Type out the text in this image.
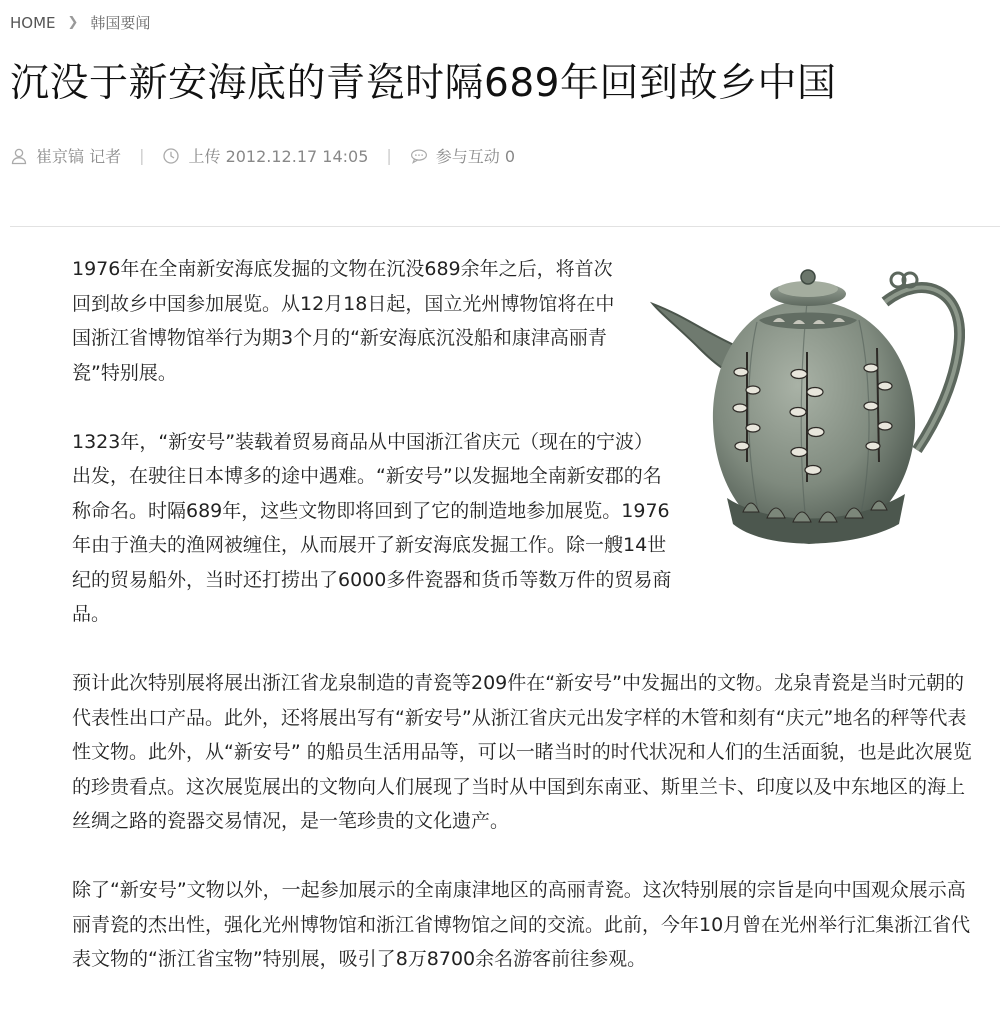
HOME ❯ 韩国要闻
沉没于新安海底的青瓷时隔689年回到故乡中国
崔京镐 记者 |	上传 2012.12.17 14:05 |	参与互动 0

1976年在全南新安海底发掘的文物在沉没689余年之后，将首次回到故乡中国参加展览。从12月18日起，国立光州博物馆将在中国浙江省博物馆举行为期3个月的“新安海底沉没船和康津高丽青瓷”特别展。

1323年，“新安号”装载着贸易商品从中国浙江省庆元（现在的宁波）出发，在驶往日本博多的途中遇难。“新安号”以发掘地全南新安郡的名称命名。时隔689年，这些文物即将回到了它的制造地参加展览。1976年由于渔夫的渔网被缠住，从而展开了新安海底发掘工作。除一艘14世纪的贸易船外，当时还打捞出了6000多件瓷器和货币等数万件的贸易商品。

预计此次特别展将展出浙江省龙泉制造的青瓷等209件在“新安号”中发掘出的文物。龙泉青瓷是当时元朝的代表性出口产品。此外，还将展出写有“新安号”从浙江省庆元出发字样的木管和刻有“庆元”地名的秤等代表性文物。此外，从“新安号” 的船员生活用品等，可以一睹当时的时代状况和人们的生活面貌，也是此次展览的珍贵看点。这次展览展出的文物向人们展现了当时从中国到东南亚、斯里兰卡、印度以及中东地区的海上丝绸之路的瓷器交易情况，是一笔珍贵的文化遗产。

除了“新安号”文物以外，一起参加展示的全南康津地区的高丽青瓷。这次特别展的宗旨是向中国观众展示高丽青瓷的杰出性，强化光州博物馆和浙江省博物馆之间的交流。此前，今年10月曾在光州举行汇集浙江省代表文物的“浙江省宝物”特别展，吸引了8万8700余名游客前往参观。
